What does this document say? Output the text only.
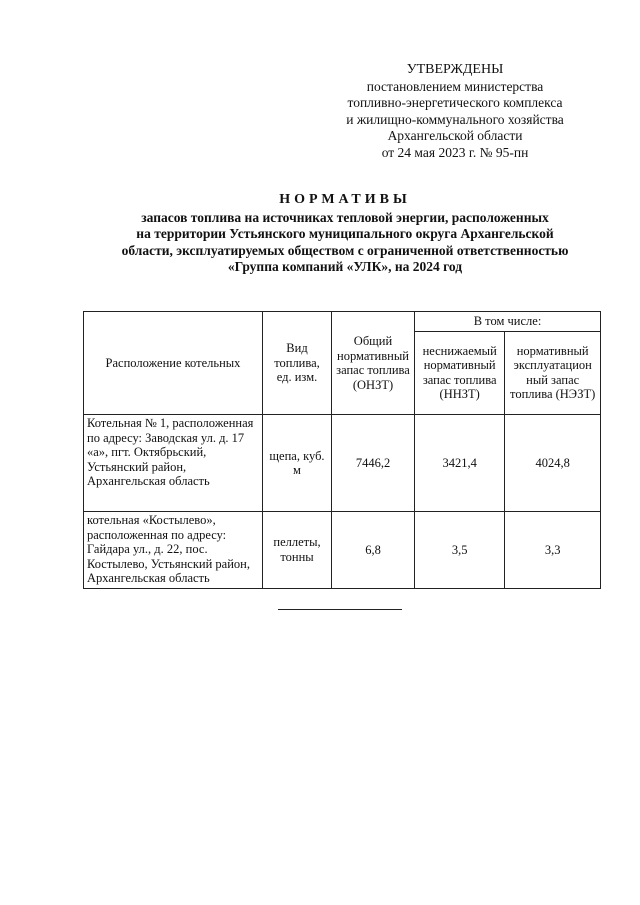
УТВЕРЖДЕНЫ
постановлением министерства
топливно-энергетического комплекса
и жилищно-коммунального хозяйства
Архангельской области
от 24 мая 2023 г. № 95-пн
НОРМАТИВЫ
запасов топлива на источниках тепловой энергии, расположенных
на территории Устьянского муниципального округа Архангельской
области, эксплуатируемых обществом с ограниченной ответственностью
«Группа компаний «УЛК», на 2024 год
Расположение котельных	Вид топлива, ед. изм.	Общий нормативный запас топлива (ОНЗТ)	В том числе:	
			неснижаемый нормативный запас топлива (ННЗТ)	нормативный эксплуатацион ный запас топлива (НЭЗТ)
Котельная № 1, расположенная по адресу: Заводская ул. д. 17 «а», пгт. Октябрьский, Устьянский район, Архангельская область	щепа, куб. м	7446,2	3421,4	4024,8
котельная «Костылево», расположенная по адресу: Гайдара ул., д. 22, пос. Костылево, Устьянский район, Архангельская область	пеллеты, тонны	6,8	3,5	3,3
